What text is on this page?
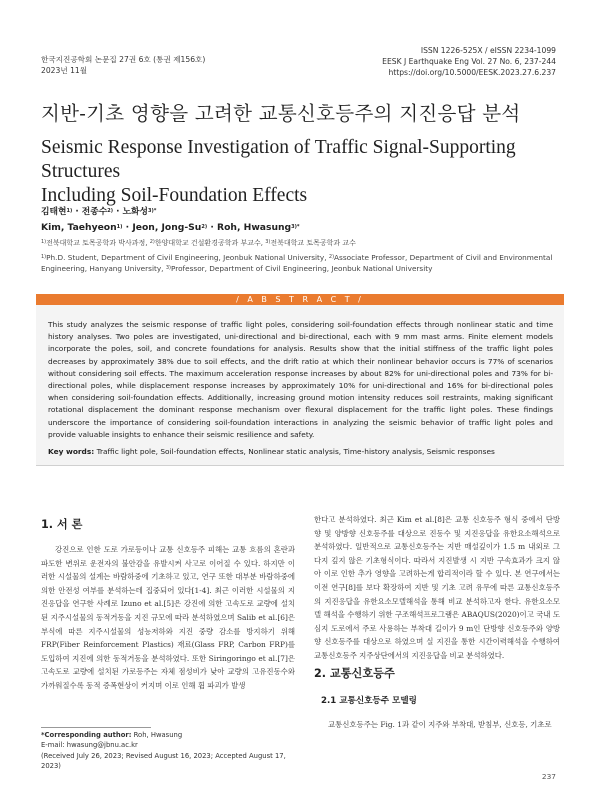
한국지진공학회 논문집 27권 6호 (통권 제156호)
2023년 11월
ISSN 1226-525X / eISSN 2234-1099
EESK J Earthquake Eng Vol. 27 No. 6, 237-244
https://doi.org/10.5000/EESK.2023.27.6.237
지반-기초 영향을 고려한 교통신호등주의 지진응답 분석
Seismic Response Investigation of Traffic Signal-Supporting Structures
Including Soil-Foundation Effects
김태현$^{1)}$ · 전종수$^{2)}$ · 노화성$^{3)*}$
Kim, Taehyeon$^{1)}$ · Jeon, Jong-$Su^{2)}$ · Roh, Hwasung$^{3)*}$
$^{1)}$전북대학교 토목공학과 박사과정, $^{2)}$한양대학교 건설환경공학과 부교수, $^{3)}$전북대학교 토목공학과 교수
$^{1)}$Ph.D. Student, Department of Civil Engineering, Jeonbuk National University, $^{2)}$Associate Professor, Department of Civil and Environmental Engineering, Hanyang University, $^{3)}$Professor, Department of Civil Engineering, Jeonbuk National University
/ A B S T R A C T /
This study analyzes the seismic response of traffic light poles, considering soil-foundation effects through nonlinear static and time history analyses. Two poles are investigated, uni-directional and bi-directional, each with 9 mm mast arms. Finite element models incorporate the poles, soil, and concrete foundations for analysis. Results show that the initial stiffness of the traffic light poles decreases by approximately 38% due to soil effects, and the drift ratio at which their nonlinear behavior occurs is 77% of scenarios without considering soil effects. The maximum acceleration response increases by about 82% for uni-directional poles and 73% for bi-directional poles, while displacement response increases by approximately 10% for uni-directional and 16% for bi-directional poles when considering soil-foundation effects. Additionally, increasing ground motion intensity reduces soil restraints, making significant rotational displacement the dominant response mechanism over flexural displacement for the traffic light poles. These findings underscore the importance of considering soil-foundation interactions in analyzing the seismic behavior of traffic light poles and provide valuable insights to enhance their seismic resilience and safety.
Key words: Traffic light pole, Soil-foundation effects, Nonlinear static analysis, Time-history analysis, Seismic responses
1. 서 론
강진으로 인한 도로 가로등이나 교통 신호등주 피해는 교통 흐름의 혼란과 파도한 변위로 운전자의 불안감을 유발시켜 사고로 이어질 수 있다. 하지만 이러한 시설물의 설계는 바람하중에 기초하고 있고, 연구 또한 대부분 바람하중에 의한 안전성 여부를 분석하는데 집중되어 있다[1-4]. 최근 이러한 시설물의 지진응답을 연구한 사례로 Izuno et al.[5]은 강진에 의한 고속도로 교량에 설치된 지주시설물의 동적거동을 지진 규모에 따라 분석하였으며 Salib et al.[6]은 부식에 따른 지주시설물의 성능저하와 지진 중량 감소를 방지하기 위해 FRP(Fiber Reinforcement Plastics) 재료(Glass FRP, Carbon FRP)를 도입하여 지진에 의한 동적거동을 분석하였다. 또한 Siringoringo et al.[7]은 고속도로 교량에 설치된 가로등주는 자체 점성비가 낮아 교량의 고유진동수와 가까워질수록 동적 증폭현상이 커지며 이로 인해 휨 파괴가 발생
한다고 분석하였다. 최근 Kim et al.[8]은 교통 신호등주 형식 중에서 단방향 및 양방향 신호등주를 대상으로 진동수 및 지진응답을 유한요소해석으로 분석하였다. 일반적으로 교통신호등주는 지반 매설깊이가 1.5 m 내외로 그다지 깊지 않은 기초형식이다. 따라서 지진발생 시 지반 구속효과가 크지 않아 이로 인한 추가 영향을 고려하는게 합리적이라 할 수 있다. 본 연구에서는 이전 연구[8]를 보다 확장하여 지반 및 기초 고려 유무에 따른 교통신호등주의 지진응답을 유한요소모델해석을 통해 비교 분석하고자 한다. 유한요소모델 해석을 수행하기 위한 구조해석프로그램은 ABAQUS(2020)이고 국내 도심지 도로에서 주로 사용하는 부착대 길이가 9 m인 단방향 신호등주와 양방향 신호등주를 대상으로 하였으며 실 지진을 통한 시간이력해석을 수행하여 교통신호등주 지주상단에서의 지진응답을 비교 분석하였다.
2. 교통신호등주
2.1 교통신호등주 모델링
교통신호등주는 Fig. 1과 같이 지주와 부착대, 받침부, 신호등, 기초로
*Corresponding author: Roh, Hwasung
E-mail: hwasung@jbnu.ac.kr
(Received July 26, 2023; Revised August 16, 2023; Accepted August 17, 2023)
237
